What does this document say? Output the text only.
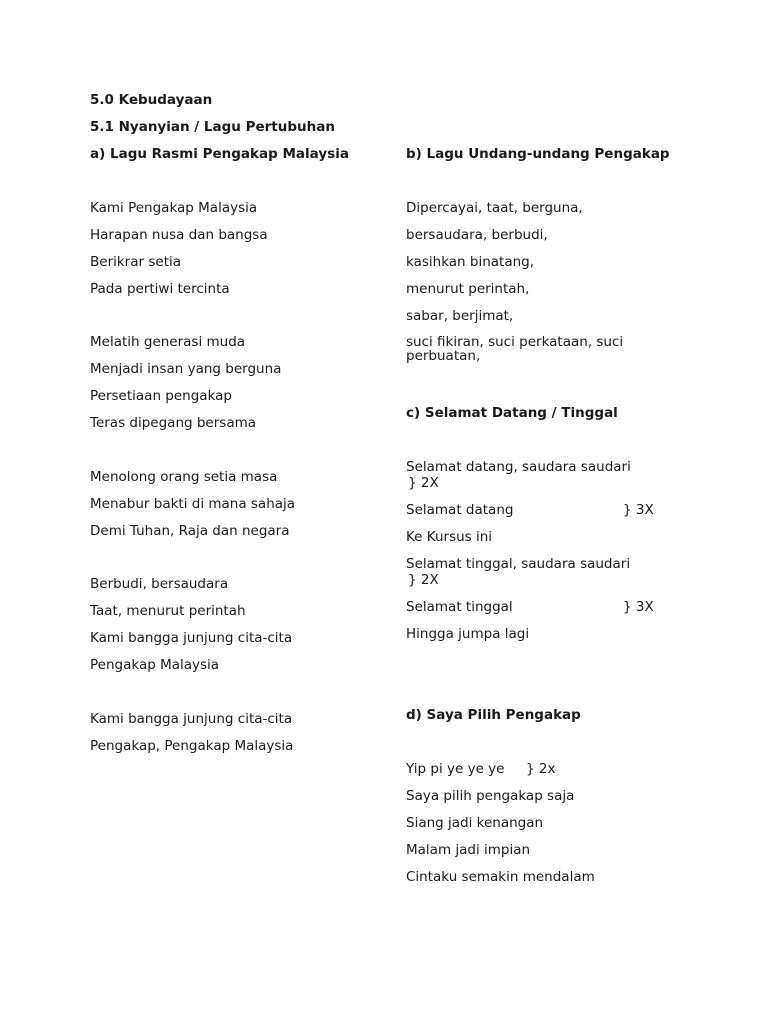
5.0 Kebudayaan
5.1 Nyanyian / Lagu Pertubuhan
a) Lagu Rasmi Pengakap Malaysia
Kami Pengakap Malaysia
Harapan nusa dan bangsa
Berikrar setia
Pada pertiwi tercinta
Melatih generasi muda
Menjadi insan yang berguna
Persetiaan pengakap
Teras dipegang bersama
Menolong orang setia masa
Menabur bakti di mana sahaja
Demi Tuhan, Raja dan negara
Berbudi, bersaudara
Taat, menurut perintah
Kami bangga junjung cita-cita
Pengakap Malaysia
Kami bangga junjung cita-cita
Pengakap, Pengakap Malaysia
b) Lagu Undang-undang Pengakap
Dipercayai, taat, berguna,
bersaudara, berbudi,
kasihkan binatang,
menurut perintah,
sabar, berjimat,
suci fikiran, suci perkataan, suci perbuatan,
c) Selamat Datang / Tinggal
Selamat datang, saudara saudari
} 2X
Selamat datang	} 3X
Ke Kursus ini
Selamat tinggal, saudara saudari
} 2X
Selamat tinggal	} 3X
Hingga jumpa lagi
d) Saya Pilih Pengakap
Yip pi ye ye ye } 2x
Saya pilih pengakap saja
Siang jadi kenangan
Malam jadi impian
Cintaku semakin mendalam
